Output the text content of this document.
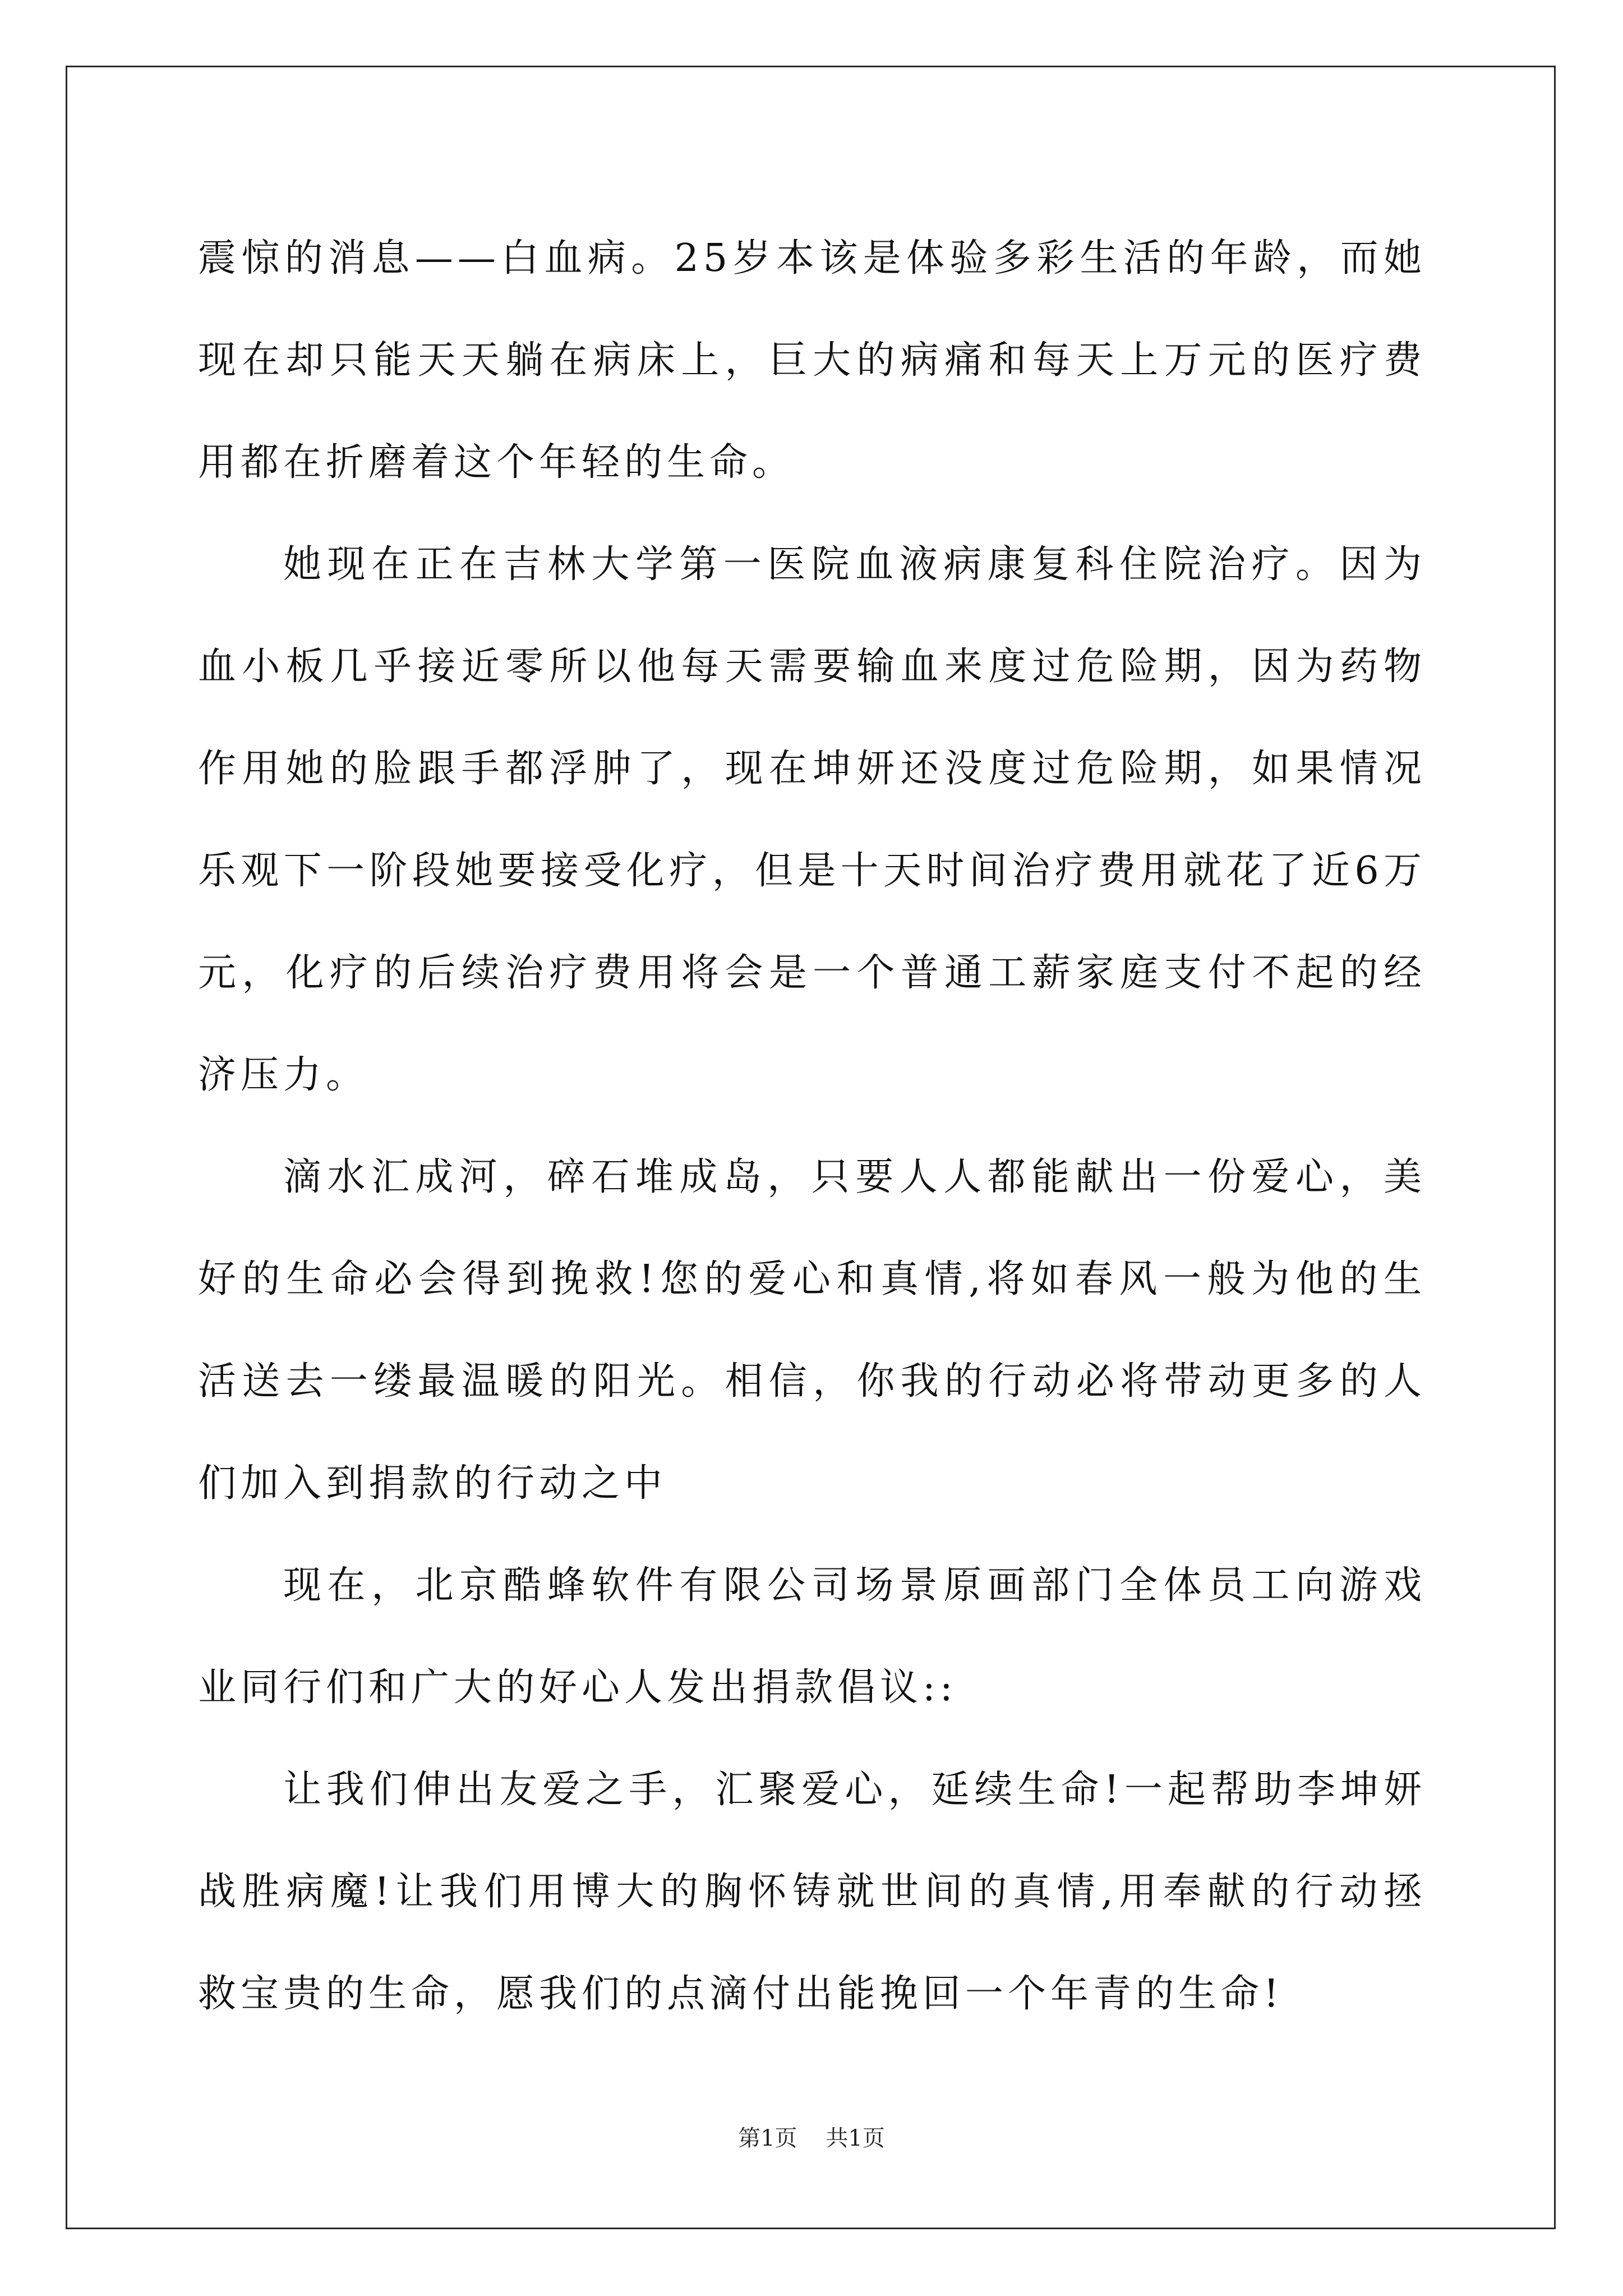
震惊的消息——白血病。25岁本该是体验多彩生活的年龄，而她现在却只能天天躺在病床上，巨大的病痛和每天上万元的医疗费用都在折磨着这个年轻的生命。

她现在正在吉林大学第一医院血液病康复科住院治疗。因为血小板几乎接近零所以他每天需要输血来度过危险期，因为药物作用她的脸跟手都浮肿了，现在坤妍还没度过危险期，如果情况乐观下一阶段她要接受化疗，但是十天时间治疗费用就花了近6万元，化疗的后续治疗费用将会是一个普通工薪家庭支付不起的经济压力。

滴水汇成河，碎石堆成岛，只要人人都能献出一份爱心，美好的生命必会得到挽救!您的爱心和真情,将如春风一般为他的生活送去一缕最温暖的阳光。相信，你我的行动必将带动更多的人们加入到捐款的行动之中

现在，北京酷蜂软件有限公司场景原画部门全体员工向游戏业同行们和广大的好心人发出捐款倡议::

让我们伸出友爱之手，汇聚爱心，延续生命!一起帮助李坤妍战胜病魔!让我们用博大的胸怀铸就世间的真情,用奉献的行动拯救宝贵的生命，愿我们的点滴付出能挽回一个年青的生命!

第1页    共1页
